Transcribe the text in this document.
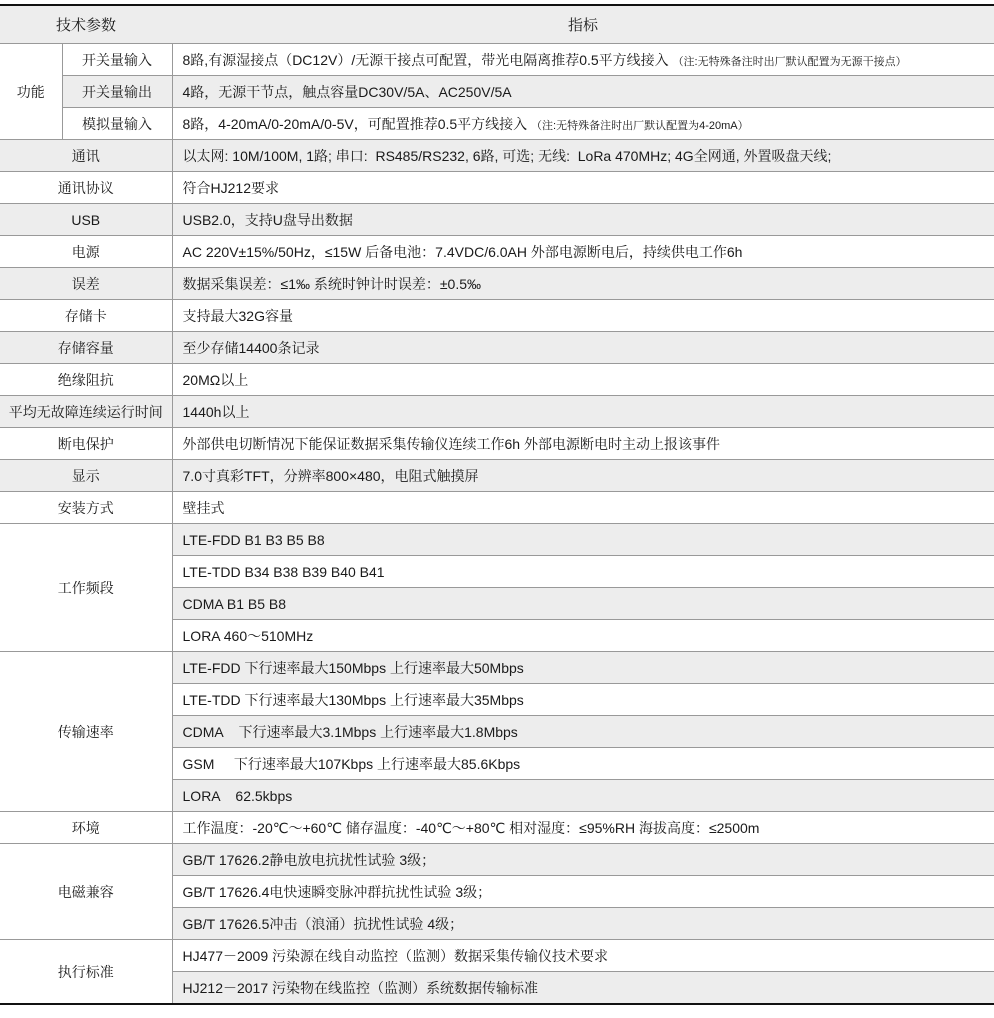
技术参数		指标
功能	开关量输入	8路,有源湿接点（DC12V）/无源干接点可配置，带光电隔离推荐0.5平方线接入 （注:无特殊备注时出厂默认配置为无源干接点）
	开关量输出	4路，无源干节点，触点容量DC30V/5A、AC250V/5A
	模拟量输入	8路，4-20mA/0-20mA/0-5V，可配置推荐0.5平方线接入 （注:无特殊备注时出厂默认配置为4-20mA）
通讯		以太网: 10M/100M, 1路; 串口:  RS485/RS232, 6路, 可选; 无线:  LoRa 470MHz; 4G全网通, 外置吸盘天线;
通讯协议		符合HJ212要求
USB		USB2.0，支持U盘导出数据
电源		AC 220V±15%/50Hz，≤15W 后备电池：7.4VDC/6.0AH 外部电源断电后，持续供电工作6h
误差		数据采集误差：≤1‰ 系统时钟计时误差：±0.5‰
存储卡		支持最大32G容量
存储容量		至少存储14400条记录
绝缘阻抗		20MΩ以上
平均无故障连续运行时间		1440h以上
断电保护		外部供电切断情况下能保证数据采集传输仪连续工作6h 外部电源断电时主动上报该事件
显示		7.0寸真彩TFT，分辨率800×480，电阻式触摸屏
安装方式		壁挂式
工作频段		LTE-FDD B1 B3 B5 B8
		LTE-TDD B34 B38 B39 B40 B41
		CDMA B1 B5 B8
		LORA 460～510MHz
传输速率		LTE-FDD 下行速率最大150Mbps 上行速率最大50Mbps
		LTE-TDD 下行速率最大130Mbps 上行速率最大35Mbps
		CDMA    下行速率最大3.1Mbps 上行速率最大1.8Mbps
		GSM     下行速率最大107Kbps 上行速率最大85.6Kbps
		LORA    62.5kbps
环境		工作温度：-20℃～+60℃ 储存温度：-40℃～+80℃ 相对湿度：≤95%RH 海拔高度：≤2500m
电磁兼容		GB/T 17626.2静电放电抗扰性试验 3级；
		GB/T 17626.4电快速瞬变脉冲群抗扰性试验 3级；
		GB/T 17626.5冲击（浪涌）抗扰性试验 4级；
执行标准		HJ477－2009 污染源在线自动监控（监测）数据采集传输仪技术要求
		HJ212－2017 污染物在线监控（监测）系统数据传输标准
